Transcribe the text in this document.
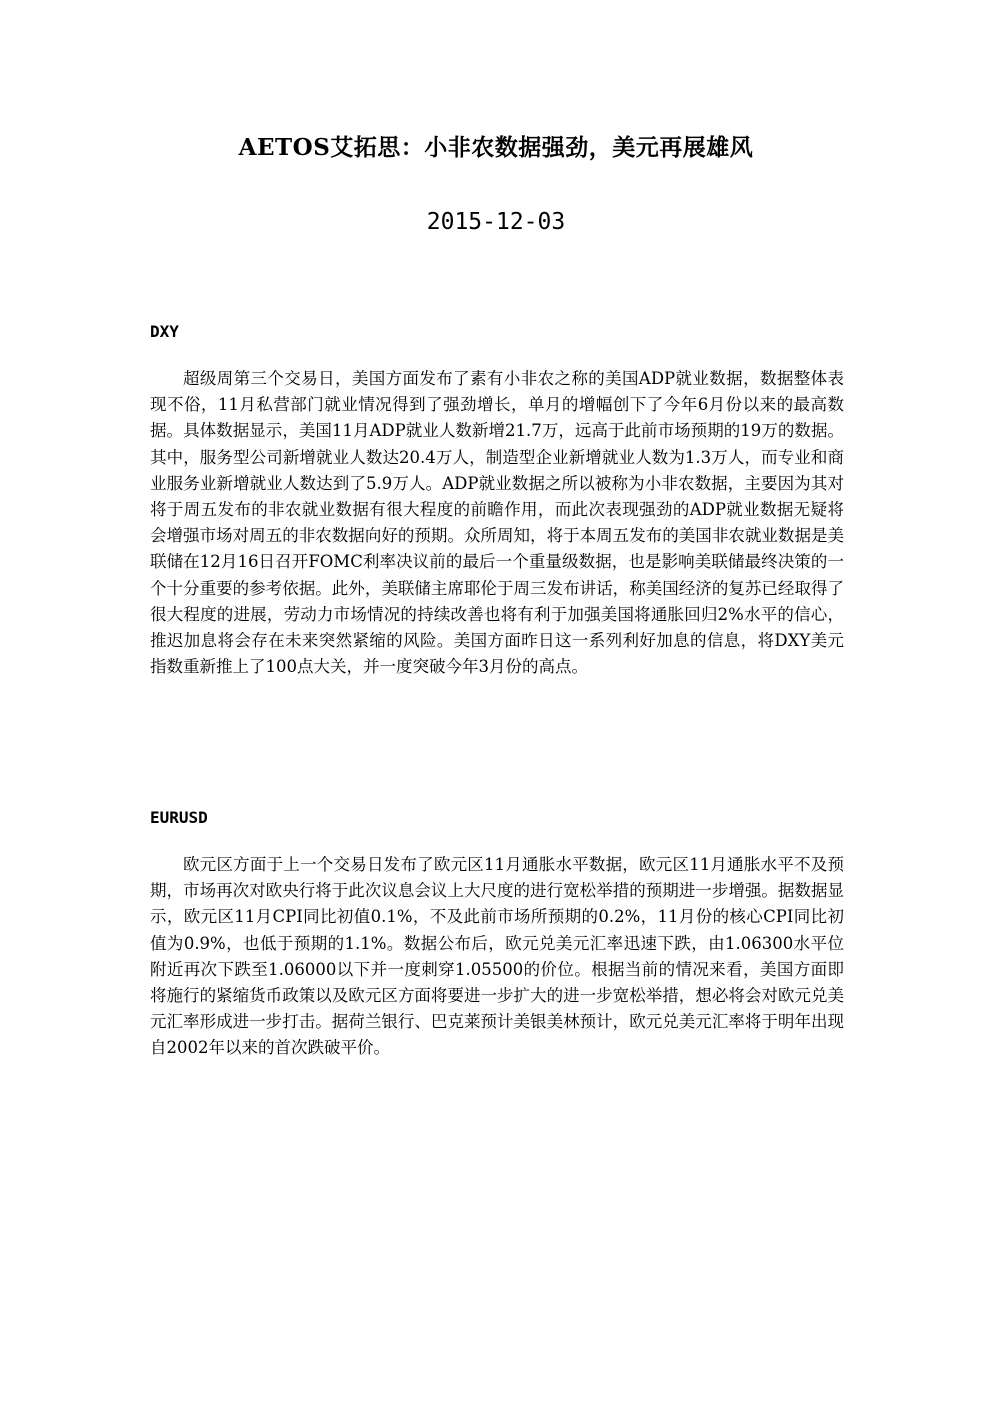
AETOS艾拓思：小非农数据强劲，美元再展雄风
2015-12-03
DXY

超级周第三个交易日，美国方面发布了素有小非农之称的美国ADP就业数据，数据整体表现不俗，11月私营部门就业情况得到了强劲增长，单月的增幅创下了今年6月份以来的最高数据。具体数据显示，美国11月ADP就业人数新增21.7万，远高于此前市场预期的19万的数据。其中，服务型公司新增就业人数达20.4万人，制造型企业新增就业人数为1.3万人，而专业和商业服务业新增就业人数达到了5.9万人。ADP就业数据之所以被称为小非农数据，主要因为其对将于周五发布的非农就业数据有很大程度的前瞻作用，而此次表现强劲的ADP就业数据无疑将会增强市场对周五的非农数据向好的预期。众所周知，将于本周五发布的美国非农就业数据是美联储在12月16日召开FOMC利率决议前的最后一个重量级数据，也是影响美联储最终决策的一个十分重要的参考依据。此外，美联储主席耶伦于周三发布讲话，称美国经济的复苏已经取得了很大程度的进展，劳动力市场情况的持续改善也将有利于加强美国将通胀回归2%水平的信心，推迟加息将会存在未来突然紧缩的风险。美国方面昨日这一系列利好加息的信息，将DXY美元指数重新推上了100点大关，并一度突破今年3月份的高点。

EURUSD

欧元区方面于上一个交易日发布了欧元区11月通胀水平数据，欧元区11月通胀水平不及预期，市场再次对欧央行将于此次议息会议上大尺度的进行宽松举措的预期进一步增强。据数据显示，欧元区11月CPI同比初值0.1%，不及此前市场所预期的0.2%，11月份的核心CPI同比初值为0.9%，也低于预期的1.1%。数据公布后，欧元兑美元汇率迅速下跌，由1.06300水平位附近再次下跌至1.06000以下并一度刺穿1.05500的价位。根据当前的情况来看，美国方面即将施行的紧缩货币政策以及欧元区方面将要进一步扩大的进一步宽松举措，想必将会对欧元兑美元汇率形成进一步打击。据荷兰银行、巴克莱预计美银美林预计，欧元兑美元汇率将于明年出现自2002年以来的首次跌破平价。
